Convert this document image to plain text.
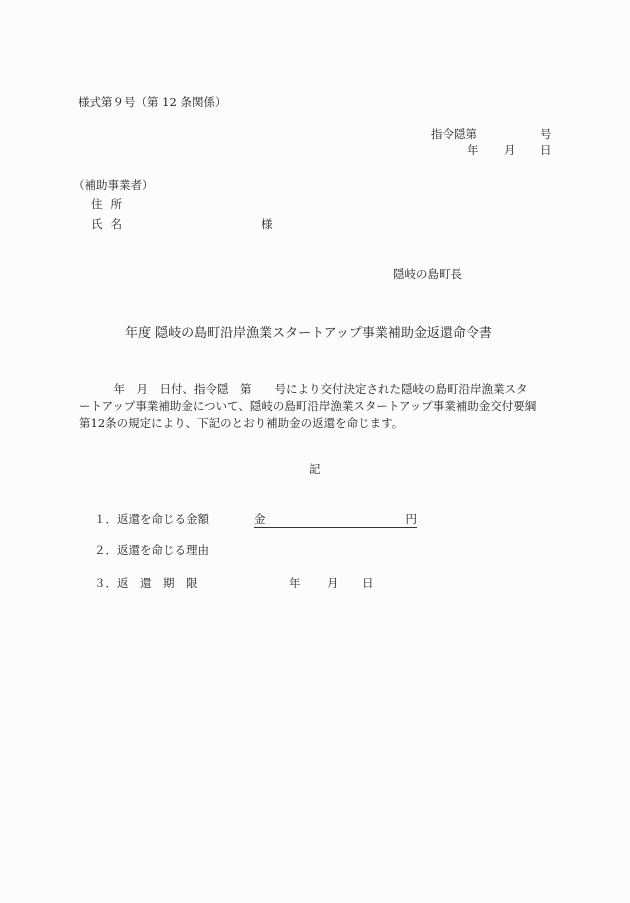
様式第９号（第 12 条関係）
指令隠第	号
年 月 日
（補助事業者）
住所
氏名	様
隠岐の島町長
年度 隠岐の島町沿岸漁業スタートアップ事業補助金返還命令書
　　　年　月　日付、指令隠　第　　号により交付決定された隠岐の島町沿岸漁業スタ
ートアップ事業補助金について、隠岐の島町沿岸漁業スタートアップ事業補助金交付要綱
第12条の規定により、下記のとおり補助金の返還を命じます。
記
１．返還を命じる金額	金	円
２．返還を命じる理由
３．返　還　期　限	年 月 日
